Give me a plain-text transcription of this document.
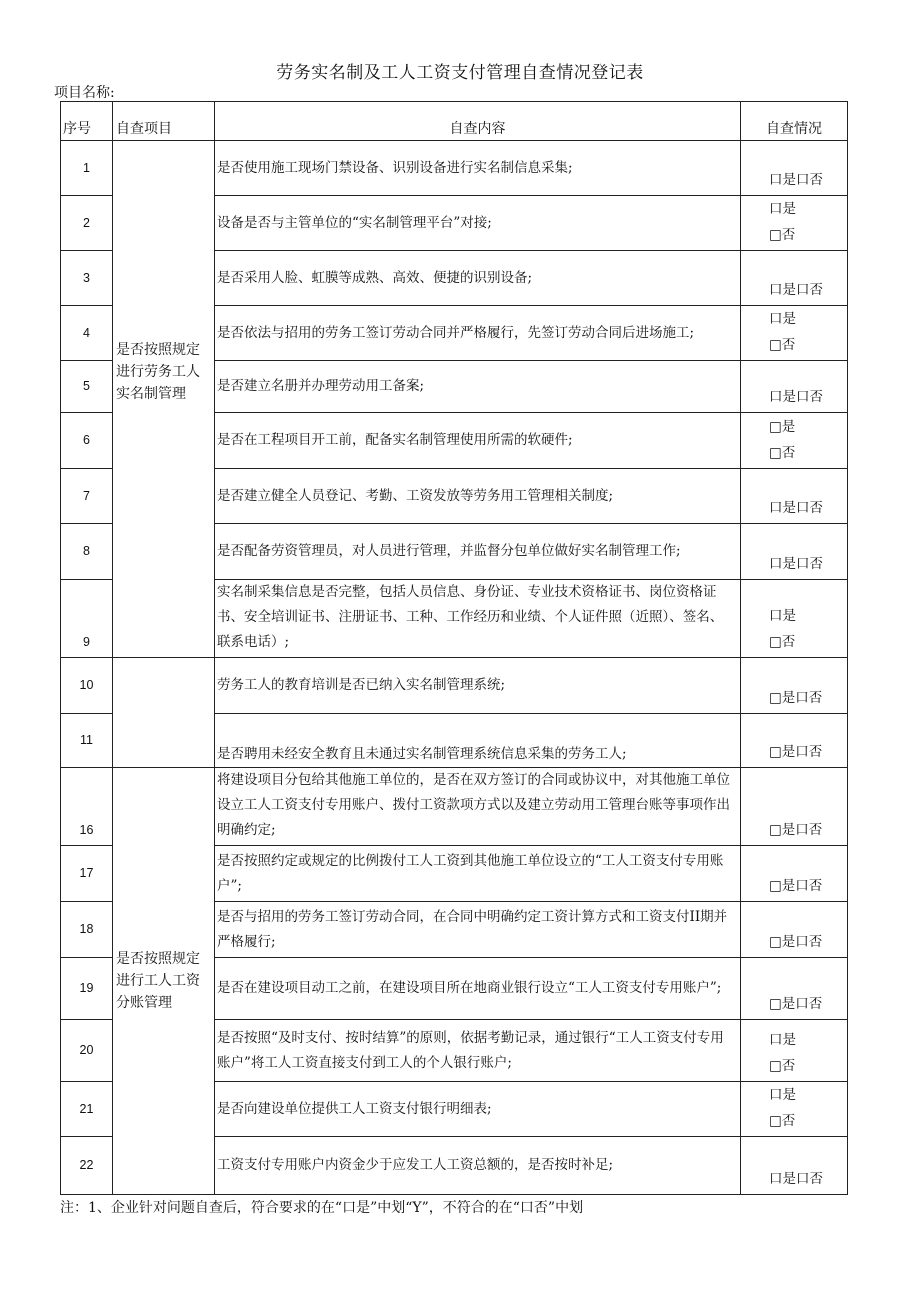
劳务实名制及工人工资支付管理自查情况登记表
项目名称:
序号	自查项目	自查内容	自查情况
1	是否按照规定进行劳务工人实名制管理	是否使用施工现场门禁设备、识别设备进行实名制信息采集;	口是口否

2		设备是否与主管单位的“实名制管理平台”对接;	口是
□否

3		是否采用人脸、虹膜等成熟、高效、便捷的识别设备;	口是口否

4		是否依法与招用的劳务工签订劳动合同并严格履行，先签订劳动合同后进场施工;	口是
□否

5		是否建立名册并办理劳动用工备案;	口是口否

6		是否在工程项目开工前，配备实名制管理使用所需的软硬件;	□是
□否

7		是否建立健全人员登记、考勤、工资发放等劳务用工管理相关制度;	口是口否

8		是否配备劳资管理员，对人员进行管理，并监督分包单位做好实名制管理工作;	口是口否

9		实名制采集信息是否完整，包括人员信息、身份证、专业技术资格证书、岗位资格证书、安全培训证书、注册证书、工种、工作经历和业绩、个人证件照（近照）、签名、联系电话）;	口是
□否

10		劳务工人的教育培训是否已纳入实名制管理系统;	□是口否

11		是否聘用未经安全教育且未通过实名制管理系统信息采集的劳务工人;	□是口否

16	是否按照规定进行工人工资分账管理	将建设项目分包给其他施工单位的，是否在双方签订的合同或协议中，对其他施工单位设立工人工资支付专用账户、拨付工资款项方式以及建立劳动用工管理台账等事项作出明确约定;	□是口否

17		是否按照约定或规定的比例拨付工人工资到其他施工单位设立的“工人工资支付专用账户”;	□是口否

18		是否与招用的劳务工签订劳动合同，在合同中明确约定工资计算方式和工资支付II期并严格履行;	□是口否

19		是否在建设项目动工之前，在建设项目所在地商业银行设立“工人工资支付专用账户”;	□是口否

20		是否按照“及时支付、按时结算”的原则，依据考勤记录，通过银行“工人工资支付专用账户”将工人工资直接支付到工人的个人银行账户;	口是
□否

21		是否向建设单位提供工人工资支付银行明细表;	口是
□否

22		工资支付专用账户内资金少于应发工人工资总额的，是否按时补足;	口是口否
注：1、企业针对问题自查后，符合要求的在“口是”中划“Y”，不符合的在“口否”中划
